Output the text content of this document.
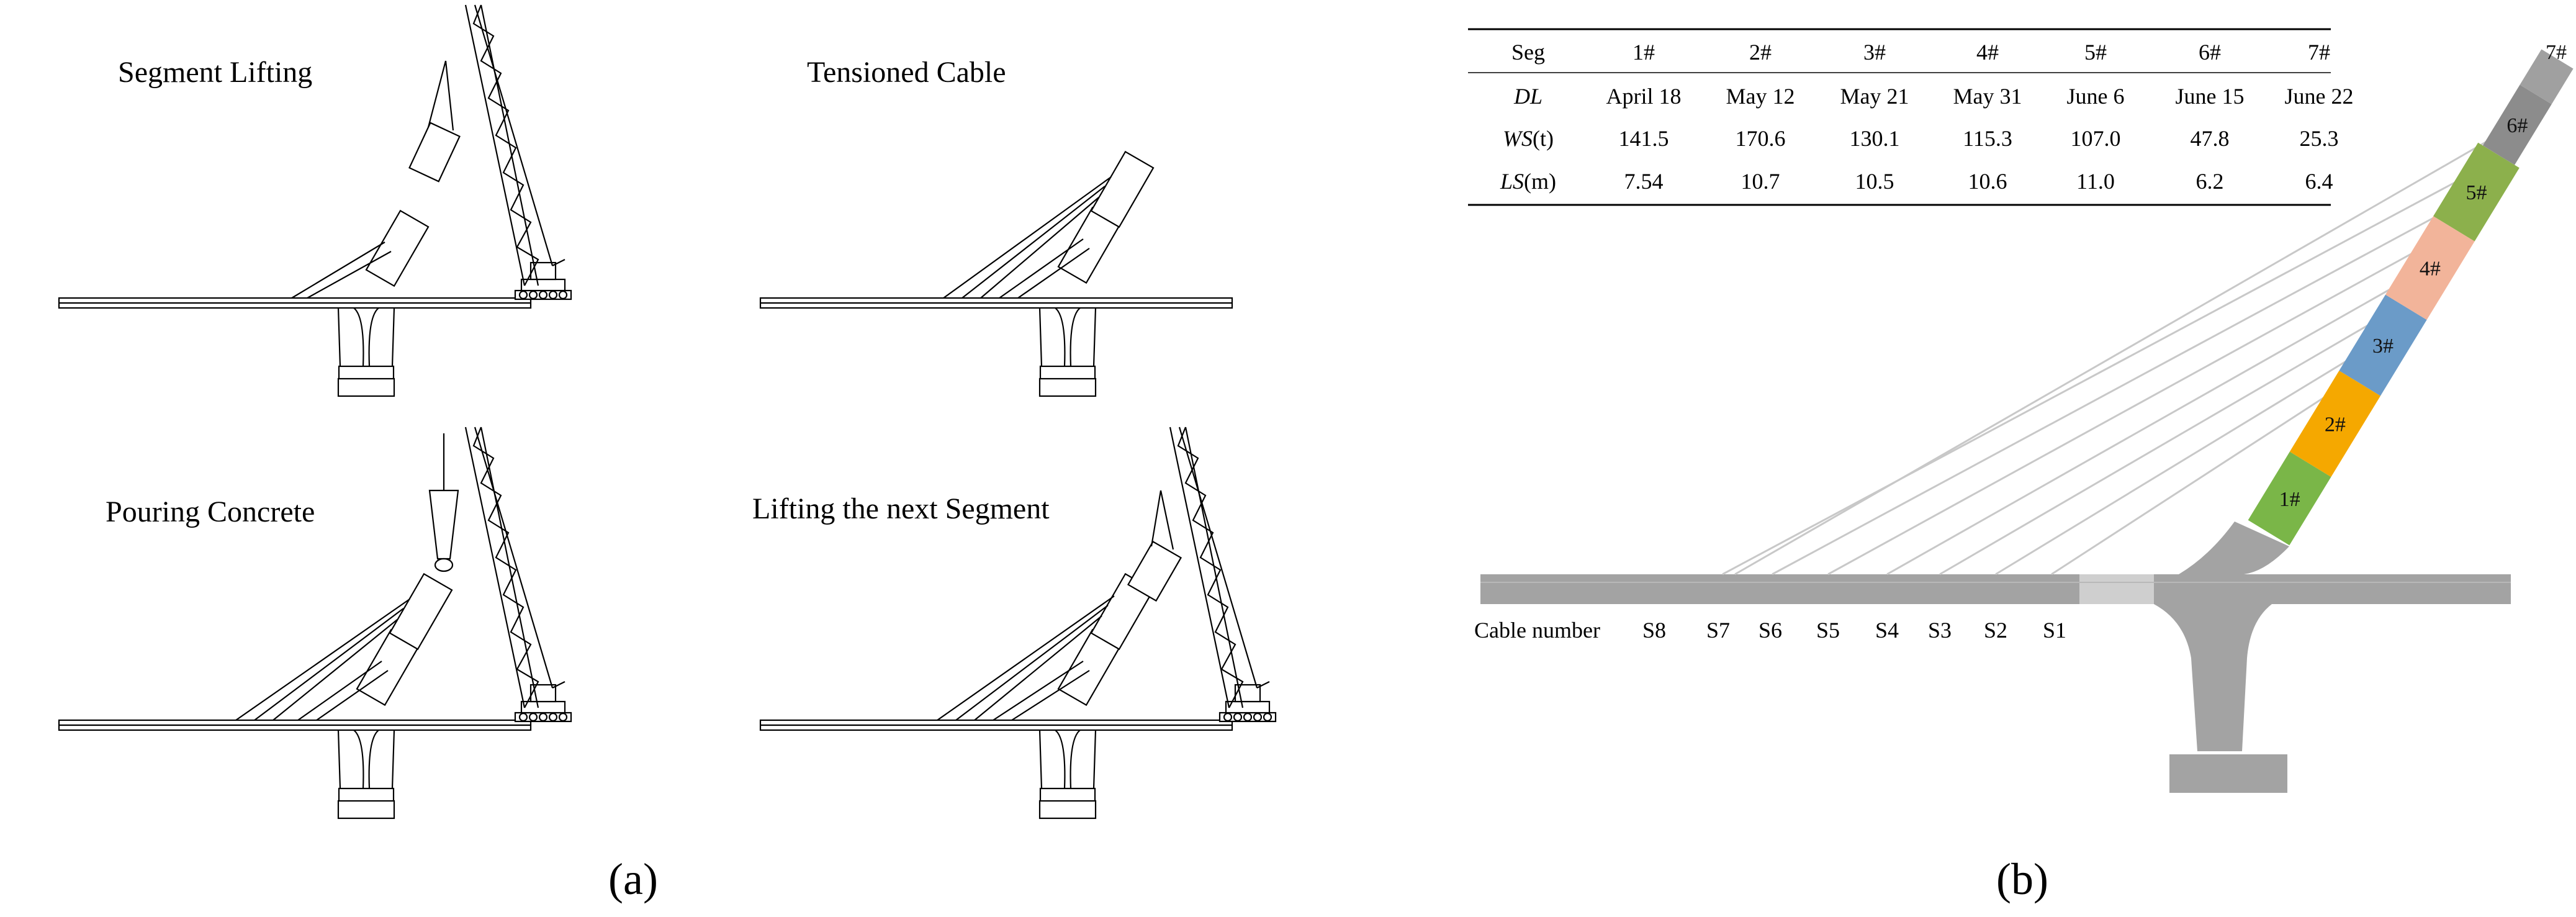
Segment Lifting	Tensioned Cable
Pouring Concrete	Lifting the next Segment
(a)
Seg	1#	2#	3#	4#	5#	6#	7#
DL	April 18 May 12 May 21 May 31 June 6 June 15 June 22
WS(t)	141.5	170.6	130.1	115.3	107.0	47.8	25.3
LS(m)	7.54	10.7	10.5	10.6	11.0	6.2	6.4
1#
2#
3#
4#
5#
6#
7#
Cable number S8 S7 S6 S5 S4 S3 S2 S1
(b)
